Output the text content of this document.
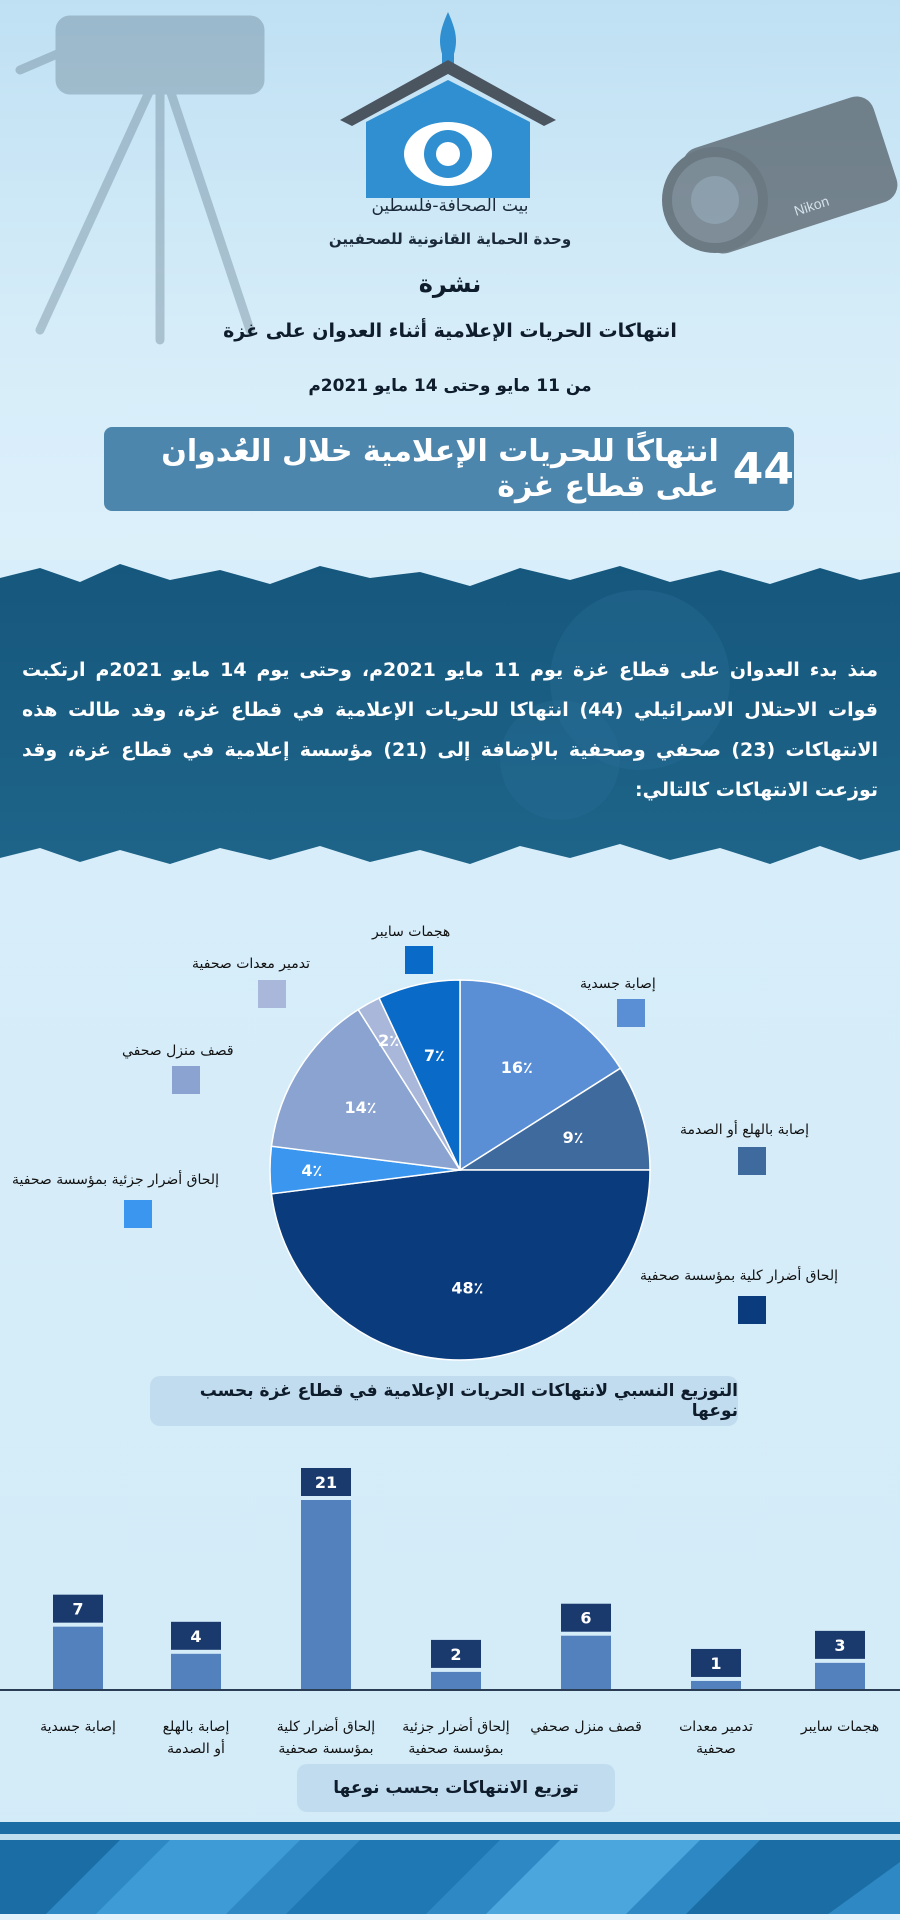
Nikon
بيت الصحافة-فلسطين
وحدة الحماية القانونية للصحفيين
نشرة
انتهاكات الحريات الإعلامية أثناء العدوان على غزة
من 11 مايو وحتى 14 مايو 2021م
44
انتهاكًا للحريات الإعلامية خلال العُدوان على قطاع غزة
منذ بدء العدوان على قطاع غزة يوم 11 مايو 2021م، وحتى يوم 14 مايو 2021م ارتكبت قوات الاحتلال الاسرائيلي (44) انتهاكا للحريات الإعلامية في قطاع غزة، وقد طالت هذه الانتهاكات (23) صحفي وصحفية بالإضافة إلى (21) مؤسسة إعلامية في قطاع غزة، وقد توزعت الانتهاكات كالتالي:
16٪
9٪
48٪
4٪
14٪
2٪
7٪
إصابة جسدية
إصابة بالهلع أو الصدمة
إلحاق أضرار كلية بمؤسسة صحفية
إلحاق أضرار جزئية بمؤسسة صحفية
قصف منزل صحفي
تدمير معدات صحفية
هجمات سايبر
التوزيع النسبي لانتهاكات الحريات الإعلامية في قطاع غزة بحسب نوعها
7
4
21
2
6
1
3
إصابة جسدية	إصابة بالهلع
أو الصدمة
إلحاق أضرار كلية
بمؤسسة صحفية
إلحاق أضرار جزئية
بمؤسسة صحفية
قصف منزل صحفي	تدمير معدات
صحفية
هجمات سايبر
توزيع الانتهاكات بحسب نوعها
